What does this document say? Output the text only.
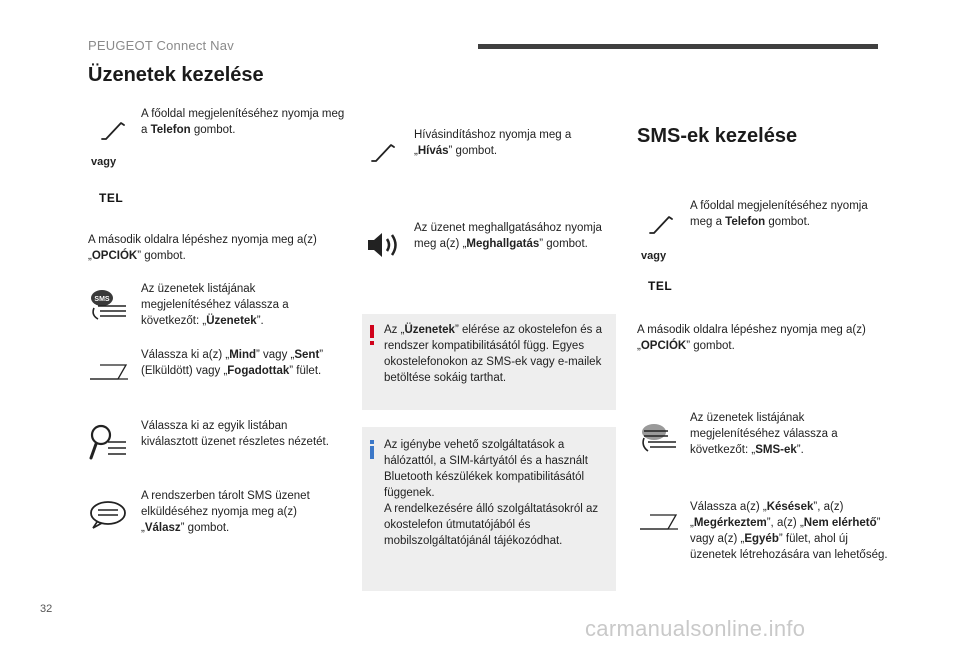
PEUGEOT Connect Nav
Üzenetek kezelése
A főoldal megjelenítéséhez nyomja meg a Telefon gombot.
vagy
TEL
A második oldalra lépéshez nyomja meg a(z) „OPCIÓK” gombot.
SMS
Az üzenetek listájának megjelenítéséhez válassza a következőt: „Üzenetek”.
Válassza ki a(z) „Mind” vagy „Sent” (Elküldött) vagy „Fogadottak” fület.
Válassza ki az egyik listában kiválasztott üzenet részletes nézetét.
A rendszerben tárolt SMS üzenet elküldéséhez nyomja meg a(z) „Válasz” gombot.
Hívásindításhoz nyomja meg a „Hívás” gombot.
Az üzenet meghallgatásához nyomja meg a(z) „Meghallgatás” gombot.
Az „Üzenetek” elérése az okostelefon és a rendszer kompatibilitásától függ. Egyes okostelefonokon az SMS-ek vagy e-mailek betöltése sokáig tarthat.
Az igénybe vehető szolgáltatások a hálózattól, a SIM-kártyától és a használt Bluetooth készülékek kompatibilitásától függenek.
A rendelkezésére álló szolgáltatásokról az okostelefon útmutatójából és mobilszolgáltatójánál tájékozódhat.
SMS-ek kezelése
A főoldal megjelenítéséhez nyomja meg a Telefon gombot.
vagy
TEL
A második oldalra lépéshez nyomja meg a(z) „OPCIÓK” gombot.
Az üzenetek listájának megjelenítéséhez válassza a következőt: „SMS-ek”.
Válassza a(z) „Késések”, a(z) „Megérkeztem”, a(z) „Nem elérhető” vagy a(z) „Egyéb” fület, ahol új üzenetek létrehozására van lehetőség.
32
carmanualsonline.info
